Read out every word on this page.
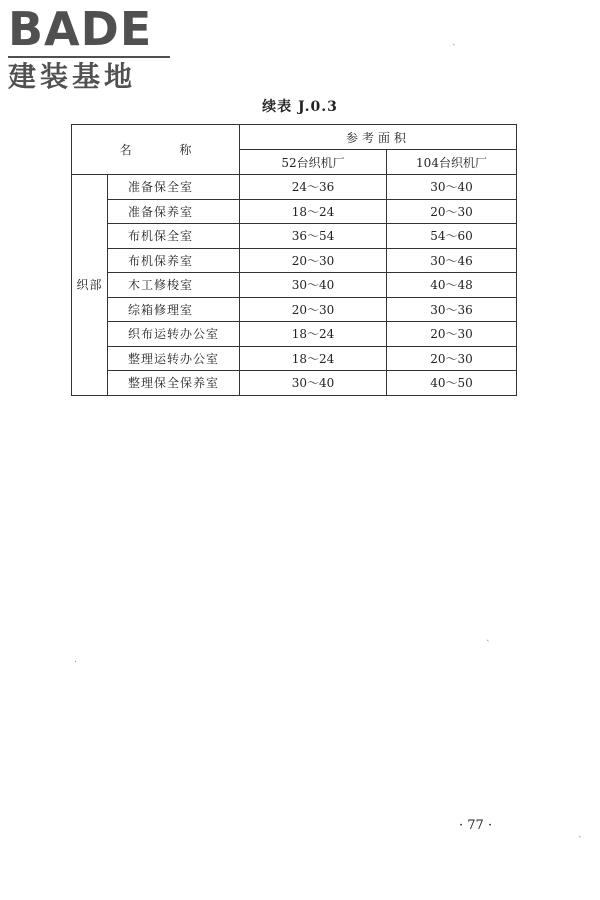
BADE
建装基地
ˋ
ˋ
.
ˋ
续表 J.0.3
名 称		参考面积	
		52台织机厂	104台织机厂
织部	准备保全室	24～36	30～40
	准备保养室	18～24	20～30
	布机保全室	36～54	54～60
	布机保养室	20～30	30～46
	木工修梭室	30～40	40～48
	综箱修理室	20～30	30～36
	织布运转办公室	18～24	20～30
	整理运转办公室	18～24	20～30
	整理保全保养室	30～40	40～50
· 77 ·
